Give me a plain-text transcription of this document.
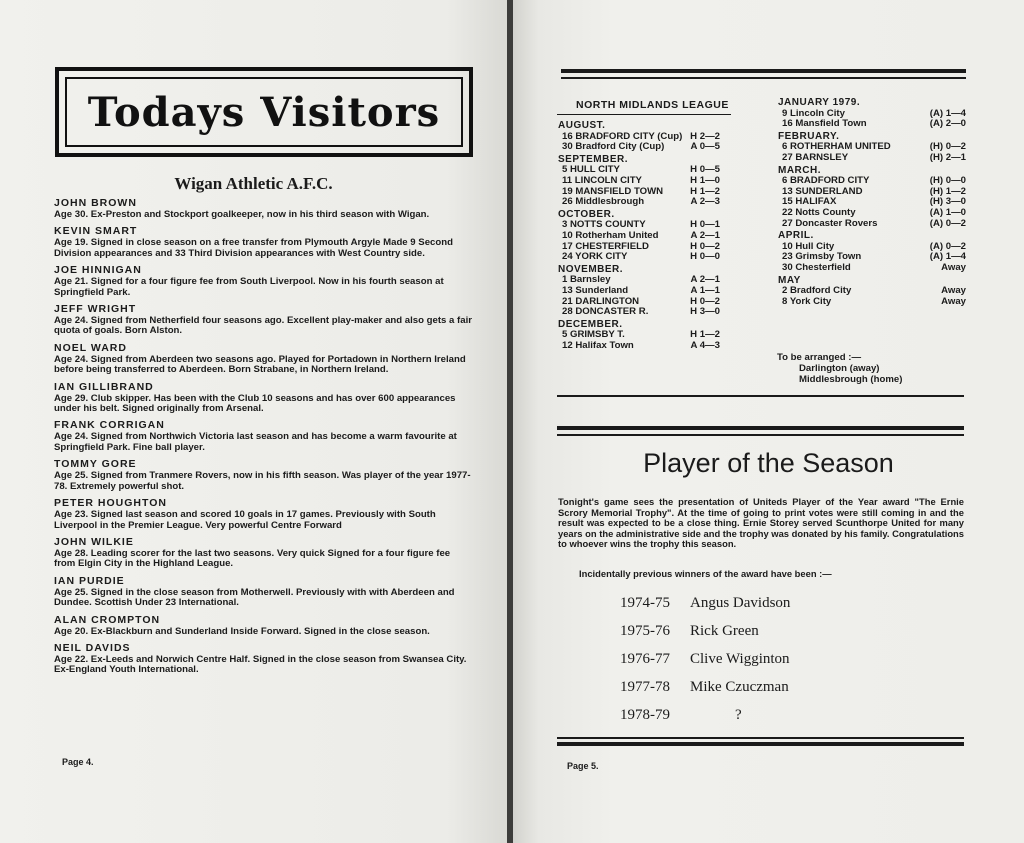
Todays Visitors
Wigan Athletic A.F.C.
JOHN BROWN
Age 30. Ex-Preston and Stockport goalkeeper, now in his third season with Wigan.
KEVIN SMART
Age 19. Signed in close season on a free transfer from Plymouth Argyle Made 9 Second Division appearances and 33 Third Division appearances with West Country side.
JOE HINNIGAN
Age 21. Signed for a four figure fee from South Liverpool. Now in his fourth season at Springfield Park.
JEFF WRIGHT
Age 24. Signed from Netherfield four seasons ago. Excellent play-maker and also gets a fair quota of goals. Born Alston.
NOEL WARD
Age 24. Signed from Aberdeen two seasons ago. Played for Portadown in Northern Ireland before being transferred to Aberdeen. Born Strabane, in Northern Ireland.
IAN GILLIBRAND
Age 29. Club skipper. Has been with the Club 10 seasons and has over 600 appearances under his belt. Signed originally from Arsenal.
FRANK CORRIGAN
Age 24. Signed from Northwich Victoria last season and has become a warm favourite at Springfield Park. Fine ball player.
TOMMY GORE
Age 25. Signed from Tranmere Rovers, now in his fifth season. Was player of the year 1977-78. Extremely powerful shot.
PETER HOUGHTON
Age 23. Signed last season and scored 10 goals in 17 games. Previously with South Liverpool in the Premier League. Very powerful Centre Forward
JOHN WILKIE
Age 28. Leading scorer for the last two seasons. Very quick Signed for a four figure fee from Elgin City in the Highland League.
IAN PURDIE
Age 25. Signed in the close season from Motherwell. Previously with with Aberdeen and Dundee. Scottish Under 23 International.
ALAN CROMPTON
Age 20. Ex-Blackburn and Sunderland Inside Forward. Signed in the close season.
NEIL DAVIDS
Age 22. Ex-Leeds and Norwich Centre Half. Signed in the close season from Swansea City. Ex-England Youth International.
Page 4.
NORTH MIDLANDS LEAGUE
AUGUST.
16 BRADFORD CITY (Cup) H 2—2
30 Bradford City (Cup)	A 0—5
SEPTEMBER.
5 HULL CITY	H 0—5
11 LINCOLN CITY	H 1—0
19 MANSFIELD TOWN	H 1—2
26 Middlesbrough	A 2—3
OCTOBER.
3 NOTTS COUNTY	H 0—1
10 Rotherham United	A 2—1
17 CHESTERFIELD	H 0—2
24 YORK CITY	H 0—0
NOVEMBER.
1 Barnsley	A 2—1
13 Sunderland	A 1—1
21 DARLINGTON	H 0—2
28 DONCASTER R.	H 3—0
DECEMBER.
5 GRIMSBY T.	H 1—2
12 Halifax Town	A 4—3
JANUARY 1979.
9 Lincoln City	(A) 1—4
16 Mansfield Town	(A) 2—0
FEBRUARY.
6 ROTHERHAM UNITED	(H) 0—2
27 BARNSLEY	(H) 2—1
MARCH.
6 BRADFORD CITY	(H) 0—0
13 SUNDERLAND	(H) 1—2
15 HALIFAX	(H) 3—0
22 Notts County	(A) 1—0
27 Doncaster Rovers	(A) 0—2
APRIL.
10 Hull City	(A) 0—2
23 Grimsby Town	(A) 1—4
30 Chesterfield	Away
MAY
2 Bradford City	Away
8 York City	Away
To be arranged :—
Darlington (away)
Middlesbrough (home)
Player of the Season
Tonight's game sees the presentation of Uniteds Player of the Year award "The Ernie Scrory Memorial Trophy". At the time of going to print votes were still coming in and the result was expected to be a close thing. Ernie Storey served Scunthorpe United for many years on the administrative side and the trophy was donated by his family. Congratulations to whoever wins the trophy this season.
Incidentally previous winners of the award have been :—
1974-75	Angus Davidson
1975-76	Rick Green
1976-77	Clive Wigginton
1977-78	Mike Czuczman
1978-79	?
Page 5.
